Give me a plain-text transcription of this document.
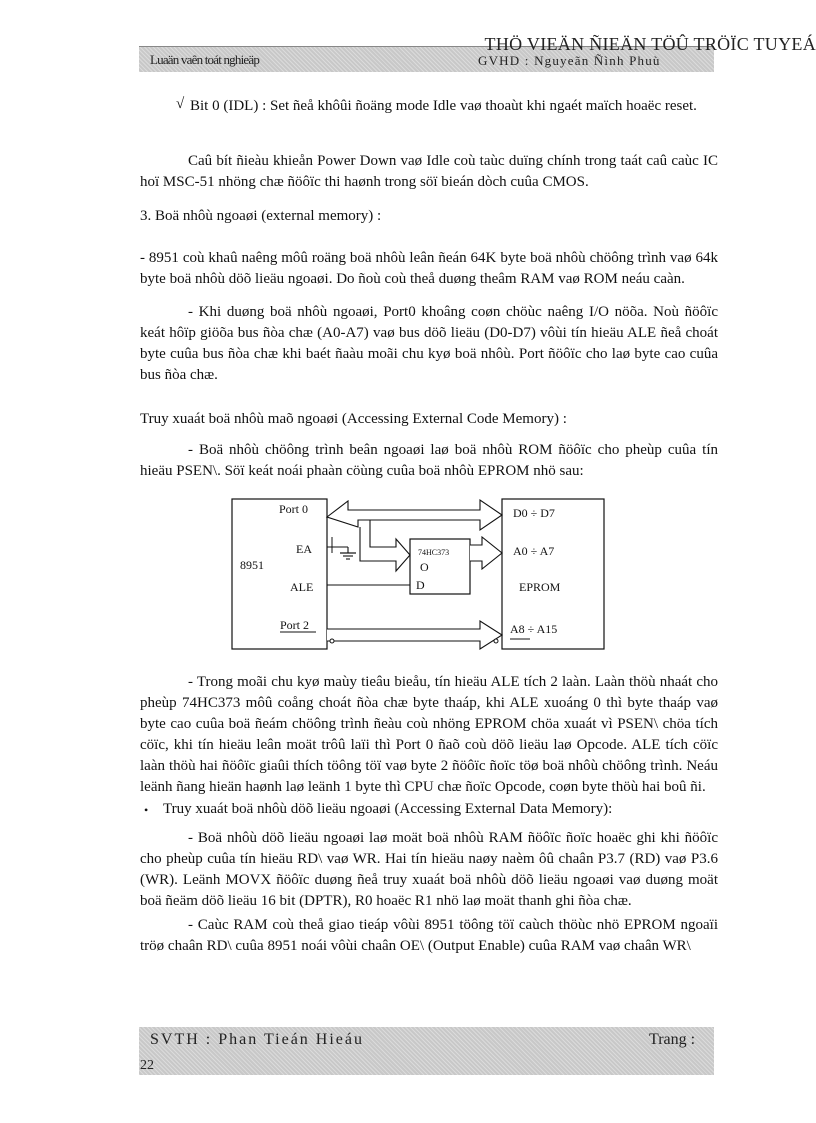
THÖ VIEÄN ÑIEÄN TÖÛ TRÖÏC TUYEÁ
Luaän vaên toát nghieäp	GVHD : Nguyeãn Ñình Phuù
√ Bit 0 (IDL) : Set ñeå khôûi ñoäng mode Idle vaø thoaùt khi ngaét maïch hoaëc reset.
Caû bít ñieàu khieån Power Down vaø Idle coù taùc duïng chính trong taát caû caùc IC hoï MSC-51 nhöng chæ ñöôïc thi haønh trong söï bieán dòch cuûa CMOS.
3. Boä nhôù ngoaøi (external memory) :
- 8951 coù khaû naêng môû roäng boä nhôù leân ñeán 64K byte boä nhôù chöông trình vaø 64k byte boä nhôù döõ lieäu ngoaøi. Do ñoù coù theå duøng theâm RAM vaø ROM neáu caàn.
- Khi duøng boä nhôù ngoaøi, Port0 khoâng coøn chöùc naêng I/O nöõa. Noù ñöôïc keát hôïp giöõa bus ñòa chæ (A0-A7) vaø bus döõ lieäu (D0-D7) vôùi tín hieäu ALE ñeå choát byte cuûa bus ñòa chæ khi baét ñaàu moãi chu kyø boä nhôù. Port ñöôïc cho laø byte cao cuûa bus ñòa chæ.
Truy xuaát boä nhôù maõ ngoaøi (Accessing External Code Memory) :
- Boä nhôù chöông trình beân ngoaøi laø boä nhôù ROM ñöôïc cho pheùp cuûa tín hieäu PSEN\. Söï keát noái phaàn cöùng cuûa boä nhôù EPROM nhö sau:
Port 0
EA
8951
ALE
Port 2
74HC373
O
D
D0 ÷ D7
A0 ÷ A7
EPROM
A8 ÷ A15
- Trong moãi chu kyø maùy tieâu bieåu, tín hieäu ALE tích 2 laàn. Laàn thöù nhaát cho pheùp 74HC373 môû coång choát ñòa chæ byte thaáp, khi ALE xuoáng 0 thì byte thaáp vaø byte cao cuûa boä ñeám chöông trình ñeàu coù nhöng EPROM chöa xuaát vì PSEN\ chöa tích cöïc, khi tín hieäu leân moät trôû laïi thì Port 0 ñaõ coù döõ lieäu laø Opcode. ALE tích cöïc laàn thöù hai ñöôïc giaûi thích töông töï vaø byte 2 ñöôïc ñoïc töø boä nhôù chöông trình. Neáu leänh ñang hieän haønh laø leänh 1 byte thì CPU chæ ñoïc Opcode, coøn byte thöù hai boû ñi.
• Truy xuaát boä nhôù döõ lieäu ngoaøi (Accessing External Data Memory):
- Boä nhôù döõ lieäu ngoaøi laø moät boä nhôù RAM ñöôïc ñoïc hoaëc ghi khi ñöôïc cho pheùp cuûa tín hieäu RD\ vaø WR. Hai tín hieäu naøy naèm ôû chaân P3.7 (RD) vaø P3.6 (WR). Leänh MOVX ñöôïc duøng ñeå truy xuaát boä nhôù döõ lieäu ngoaøi vaø duøng moät boä ñeäm döõ lieäu 16 bit (DPTR), R0 hoaëc R1 nhö laø moät thanh ghi ñòa chæ.
- Caùc RAM coù theå giao tieáp vôùi 8951 töông töï caùch thöùc nhö EPROM ngoaïi tröø chaân RD\ cuûa 8951 noái vôùi chaân OE\ (Output Enable) cuûa RAM vaø chaân WR\
SVTH : Phan Tieán Hieáu	Trang :
22
